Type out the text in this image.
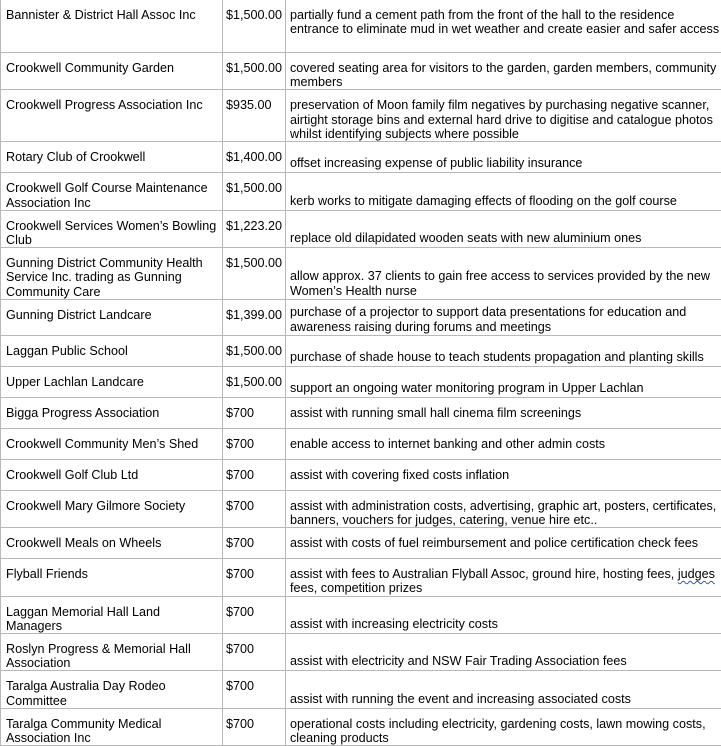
Bannister & District Hall Assoc Inc	$1,500.00	partially fund a cement path from the front of the hall to the residence entrance to eliminate mud in wet weather and create easier and safer access
Crookwell Community Garden	$1,500.00	covered seating area for visitors to the garden, garden members, community members
Crookwell Progress Association Inc	$935.00	preservation of Moon family film negatives by purchasing negative scanner, airtight storage bins and external hard drive to digitise and catalogue photos whilst identifying subjects where possible
Rotary Club of Crookwell	$1,400.00	offset increasing expense of public liability insurance
Crookwell Golf Course Maintenance Association Inc	$1,500.00	kerb works to mitigate damaging effects of flooding on the golf course
Crookwell Services Women’s Bowling Club	$1,223.20	replace old dilapidated wooden seats with new aluminium ones
Gunning District Community Health Service Inc. trading as Gunning Community Care	$1,500.00	allow approx. 37 clients to gain free access to services provided by the new Women’s Health nurse
Gunning District Landcare	$1,399.00	purchase of a projector to support data presentations for education and awareness raising during forums and meetings
Laggan Public School	$1,500.00	purchase of shade house to teach students propagation and planting skills
Upper Lachlan Landcare	$1,500.00	support an ongoing water monitoring program in Upper Lachlan
Bigga Progress Association	$700	assist with running small hall cinema film screenings
Crookwell Community Men’s Shed	$700	enable access to internet banking and other admin costs
Crookwell Golf Club Ltd	$700	assist with covering fixed costs inflation
Crookwell Mary Gilmore Society	$700	assist with administration costs, advertising, graphic art, posters, certificates, banners, vouchers for judges, catering, venue hire etc..
Crookwell Meals on Wheels	$700	assist with costs of fuel reimbursement and police certification check fees
Flyball Friends	$700	assist with fees to Australian Flyball Assoc, ground hire, hosting fees, judges fees, competition prizes
Laggan Memorial Hall Land Managers	$700	assist with increasing electricity costs
Roslyn Progress & Memorial Hall Association	$700	assist with electricity and NSW Fair Trading Association fees
Taralga Australia Day Rodeo Committee	$700	assist with running the event and increasing associated costs
Taralga Community Medical Association Inc	$700	operational costs including electricity, gardening costs, lawn mowing costs, cleaning products
